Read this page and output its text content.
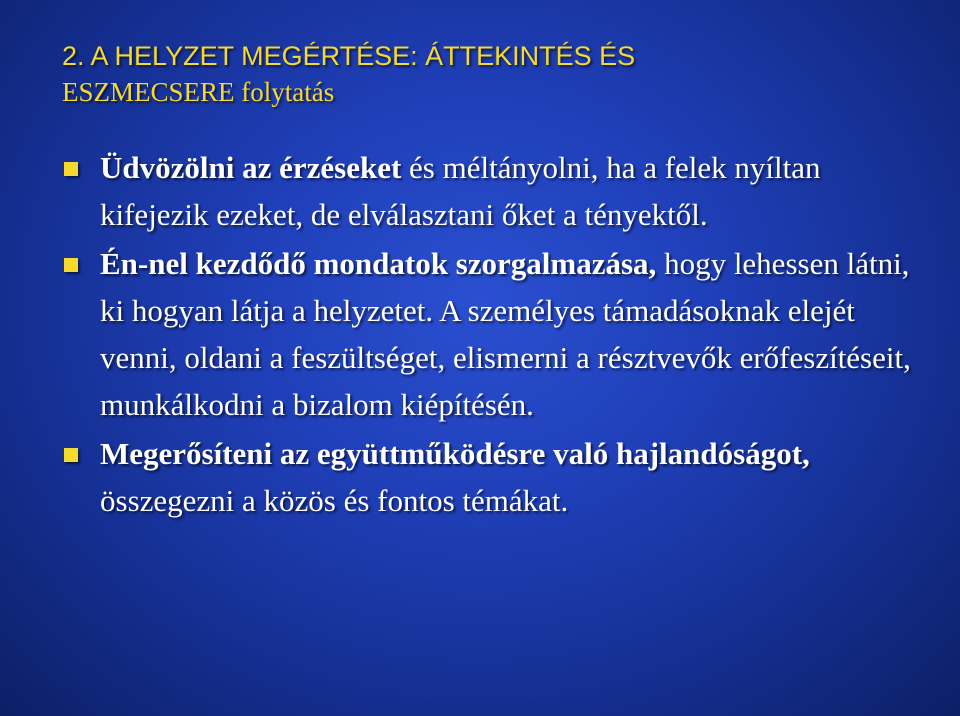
2. A HELYZET MEGÉRTÉSE: ÁTTEKINTÉS ÉS
ESZMECSERE folytatás
Üdvözölni az érzéseket és méltányolni, ha a felek nyíltan kifejezik ezeket, de elválasztani őket a tényektől.
Én-nel kezdődő mondatok szorgalmazása, hogy lehessen látni, ki hogyan látja a helyzetet. A személyes támadásoknak elejét venni, oldani a feszültséget, elismerni a résztvevők erőfeszítéseit, munkálkodni a bizalom kiépítésén.
Megerősíteni az együttműködésre való hajlandóságot, összegezni a közös és fontos témákat.
